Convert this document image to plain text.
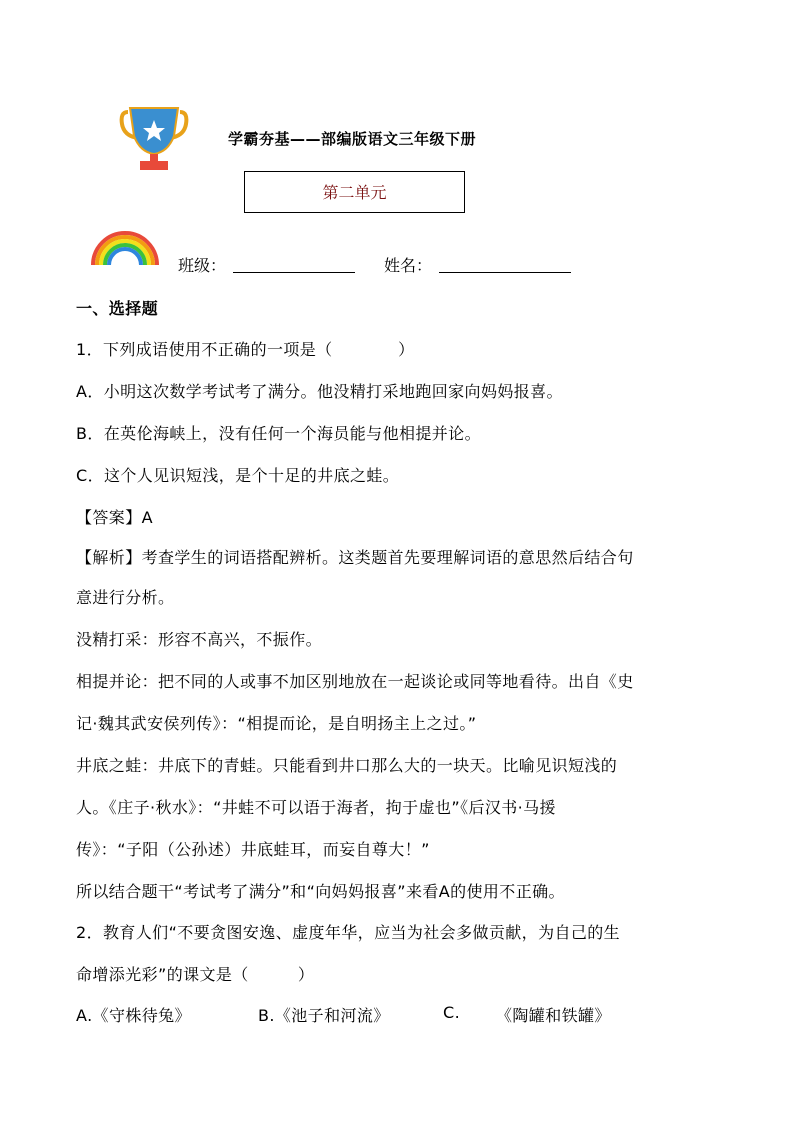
学霸夯基——部编版语文三年级下册
第二单元
班级：	姓名：
一、选择题
1．下列成语使用不正确的一项是（　　　　）
A．小明这次数学考试考了满分。他没精打采地跑回家向妈妈报喜。
B．在英伦海峡上，没有任何一个海员能与他相提并论。
C．这个人见识短浅，是个十足的井底之蛙。
【答案】A
【解析】考查学生的词语搭配辨析。这类题首先要理解词语的意思然后结合句
意进行分析。
没精打采：形容不高兴，不振作。
相提并论：把不同的人或事不加区别地放在一起谈论或同等地看待。出自《史
记·魏其武安侯列传》：“相提而论，是自明扬主上之过。”
井底之蛙：井底下的青蛙。只能看到井口那么大的一块天。比喻见识短浅的
人。《庄子·秋水》：“井蛙不可以语于海者，拘于虚也”《后汉书·马援
传》：“子阳（公孙述）井底蛙耳，而妄自尊大！”
所以结合题干“考试考了满分”和“向妈妈报喜”来看A的使用不正确。
2．教育人们“不要贪图安逸、虚度年华，应当为社会多做贡献，为自己的生
命增添光彩”的课文是（　　　）
A.《守株待兔》	B.《池子和河流》	C. 《陶罐和铁罐》
